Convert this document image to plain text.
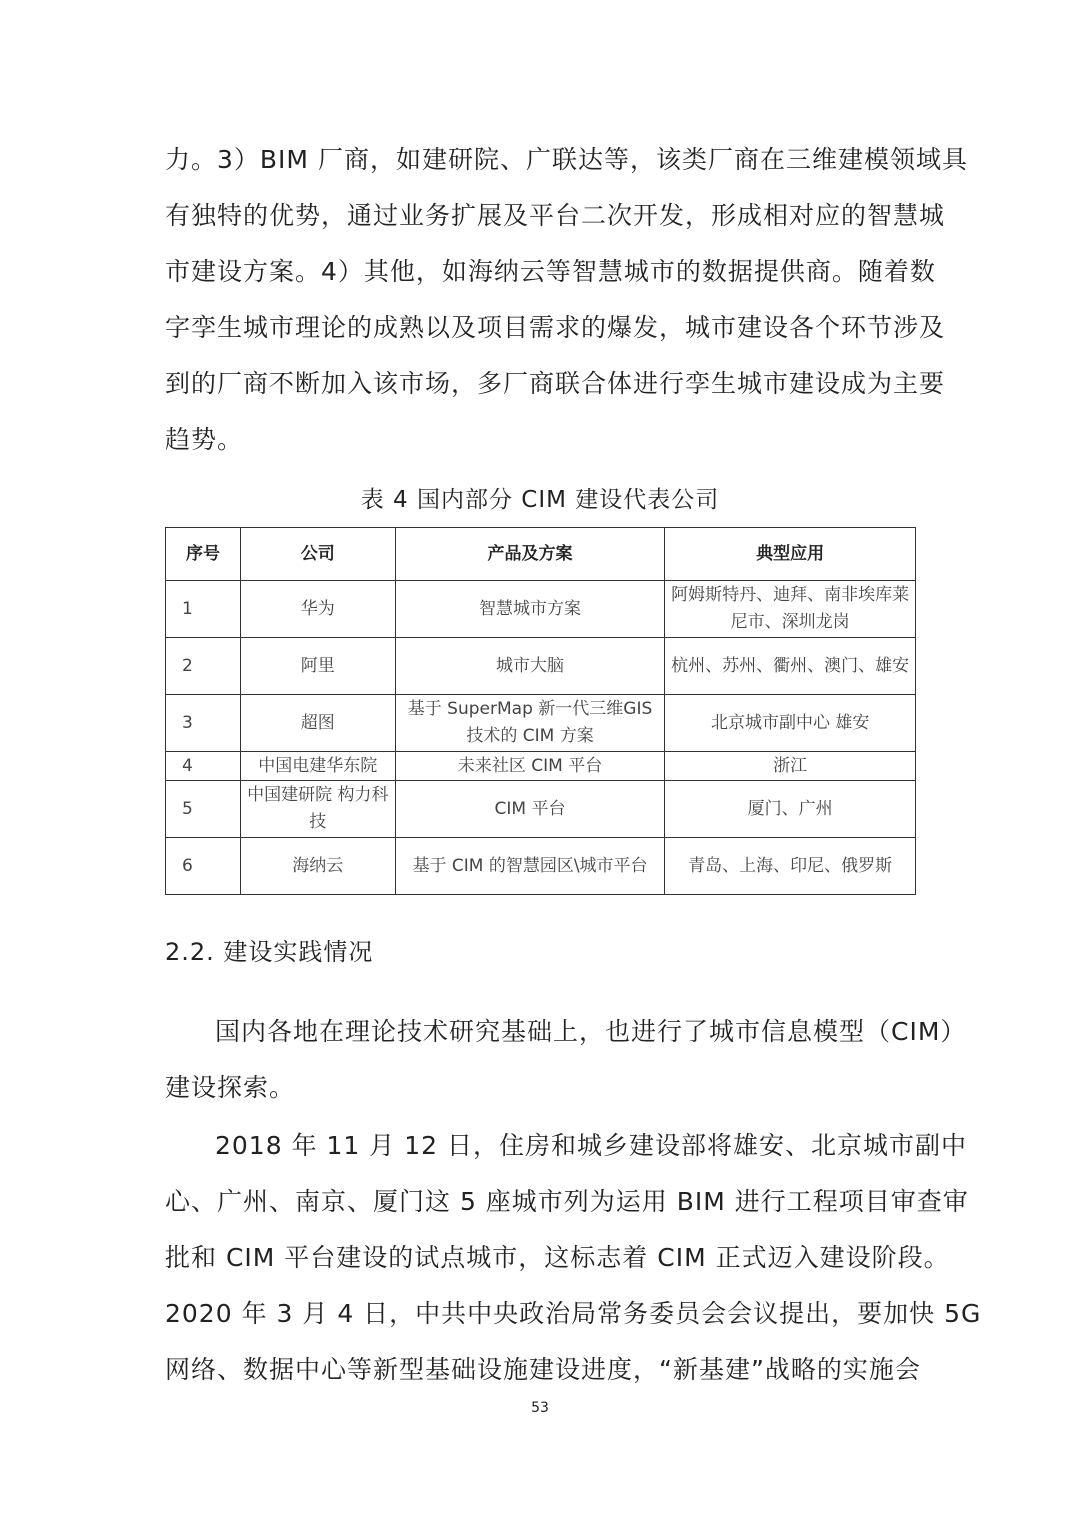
力。3）BIM 厂商，如建研院、广联达等，该类厂商在三维建模领域具
有独特的优势，通过业务扩展及平台二次开发，形成相对应的智慧城
市建设方案。4）其他，如海纳云等智慧城市的数据提供商。随着数
字孪生城市理论的成熟以及项目需求的爆发，城市建设各个环节涉及
到的厂商不断加入该市场，多厂商联合体进行孪生城市建设成为主要
趋势。
表 4 国内部分 CIM 建设代表公司
序号	公司	产品及方案	典型应用
1	华为	智慧城市方案	阿姆斯特丹、迪拜、南非埃库莱尼市、深圳龙岗
2	阿里	城市大脑	杭州、苏州、衢州、澳门、雄安
3	超图	基于 SuperMap 新一代三维GIS 技术的 CIM 方案	北京城市副中心 雄安
4	中国电建华东院	未来社区 CIM 平台	浙江
5	中国建研院 构力科技	CIM 平台	厦门、广州
6	海纳云	基于 CIM 的智慧园区\城市平台	青岛、上海、印尼、俄罗斯
2.2. 建设实践情况
国内各地在理论技术研究基础上，也进行了城市信息模型（CIM）
建设探索。
2018 年 11 月 12 日，住房和城乡建设部将雄安、北京城市副中
心、广州、南京、厦门这 5 座城市列为运用 BIM 进行工程项目审查审
批和 CIM 平台建设的试点城市，这标志着 CIM 正式迈入建设阶段。
2020 年 3 月 4 日，中共中央政治局常务委员会会议提出，要加快 5G
网络、数据中心等新型基础设施建设进度，“新基建”战略的实施会
53
